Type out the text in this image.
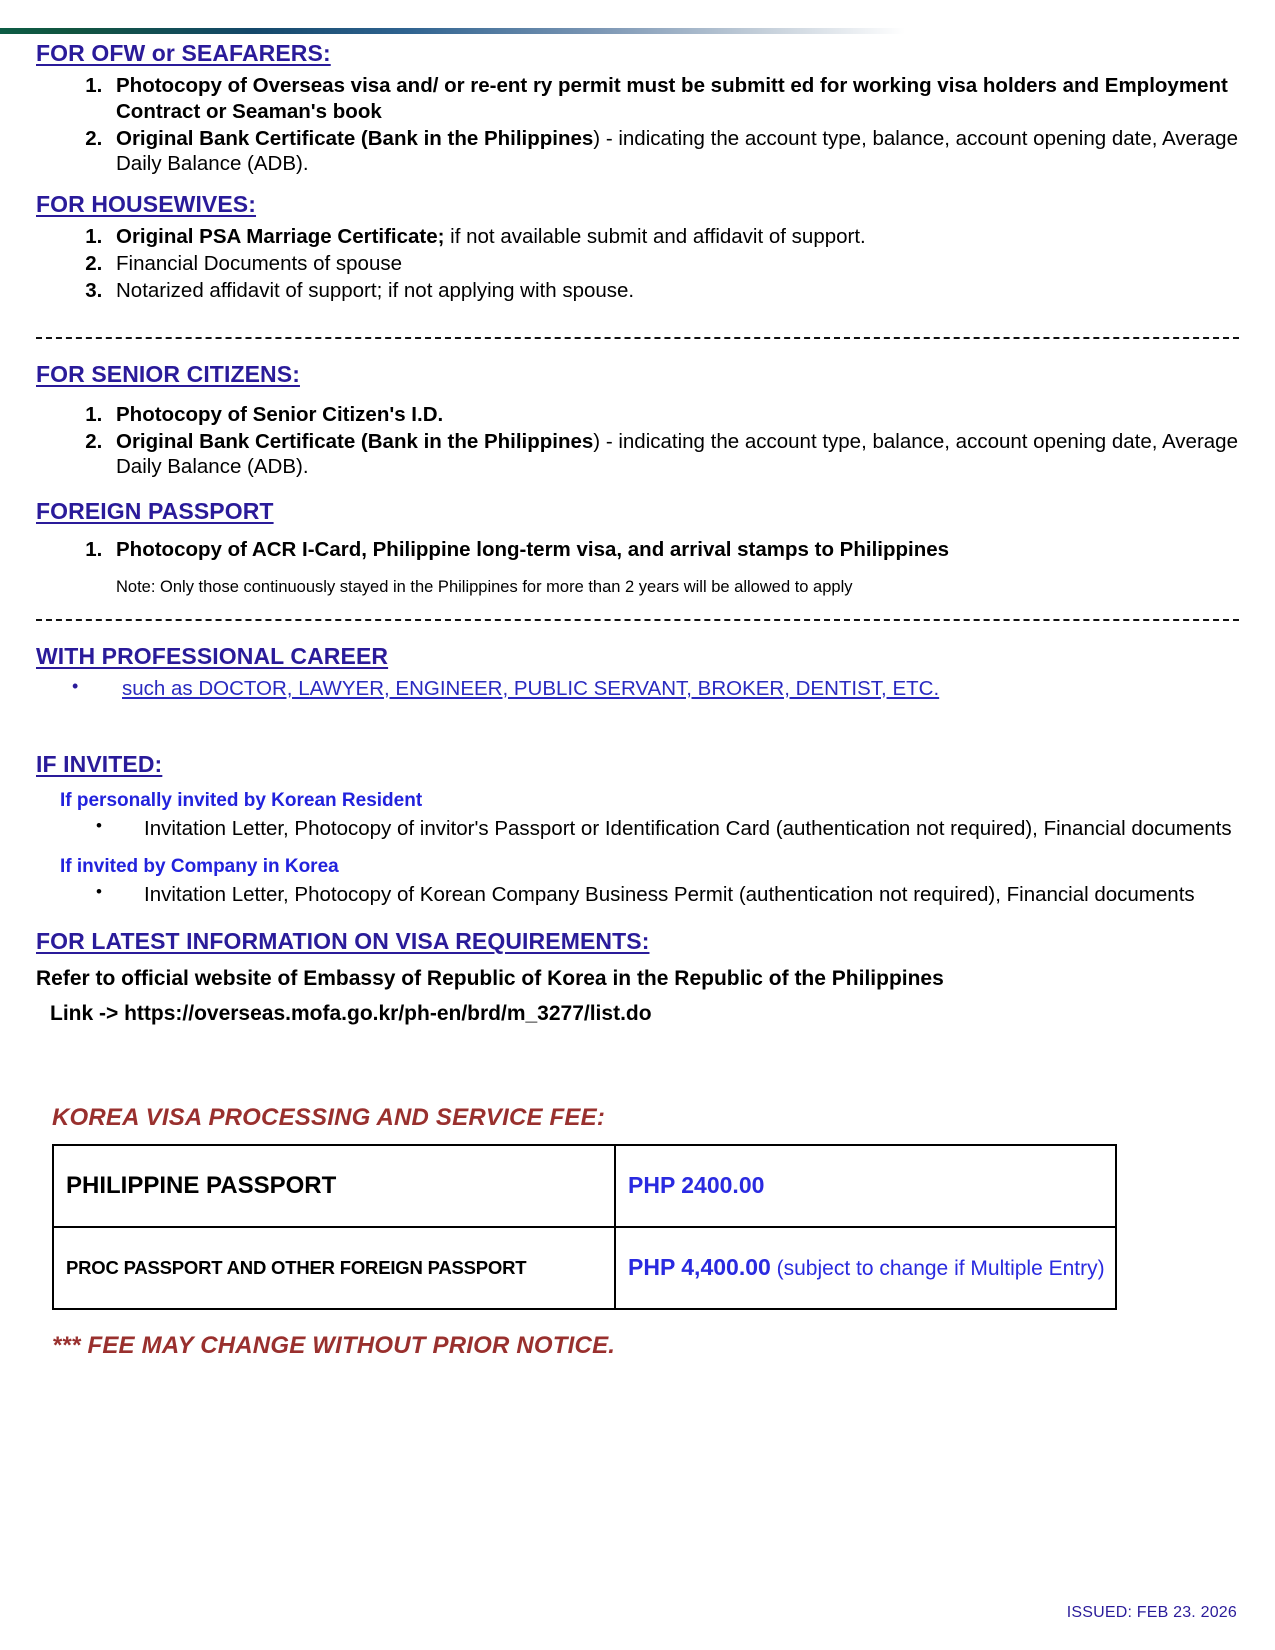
FOR OFW or SEAFARERS:
1. Photocopy of Overseas visa and/ or re-ent ry permit must be submitt ed for working visa holders and Employment Contract or Seaman's book
2. Original Bank Certificate (Bank in the Philippines) - indicating the account type, balance, account opening date, Average Daily Balance (ADB).
FOR HOUSEWIVES:
1. Original PSA Marriage Certificate; if not available submit and affidavit of support.
2. Financial Documents of spouse
3. Notarized affidavit of support; if not applying with spouse.
FOR SENIOR CITIZENS:
1. Photocopy of Senior Citizen's I.D.
2. Original Bank Certificate (Bank in the Philippines) - indicating the account type, balance, account opening date, Average Daily Balance (ADB).
FOREIGN PASSPORT
1. Photocopy of ACR I-Card, Philippine long-term visa, and arrival stamps to Philippines
Note: Only those continuously stayed in the Philippines for more than 2 years will be allowed to apply
WITH PROFESSIONAL CAREER
• such as DOCTOR, LAWYER, ENGINEER, PUBLIC SERVANT, BROKER, DENTIST, ETC.
IF INVITED:
If personally invited by Korean Resident
• Invitation Letter, Photocopy of invitor's Passport or Identification Card (authentication not required), Financial documents
If invited by Company in Korea
• Invitation Letter, Photocopy of Korean Company Business Permit (authentication not required), Financial documents
FOR LATEST INFORMATION ON VISA REQUIREMENTS:

Refer to official website of Embassy of Republic of Korea in the Republic of the Philippines

Link -> https://overseas.mofa.go.kr/ph-en/brd/m_3277/list.do

KOREA VISA PROCESSING AND SERVICE FEE:
PHILIPPINE PASSPORT	PHP 2400.00
PROC PASSPORT AND OTHER FOREIGN PASSPORT	PHP 4,400.00 (subject to change if Multiple Entry)
*** FEE MAY CHANGE WITHOUT PRIOR NOTICE.
ISSUED: FEB 23. 2026
